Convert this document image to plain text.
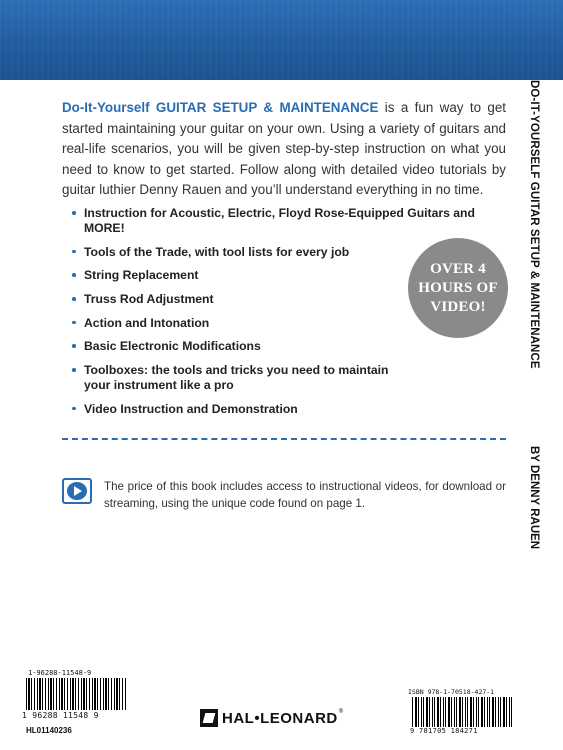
DO-IT-YOURSELF GUITAR SETUP & MAINTENANCE
BY DENNY RAUEN
Do-It-Yourself GUITAR SETUP & MAINTENANCE is a fun way to get started maintaining your guitar on your own. Using a variety of guitars and real-life scenarios, you will be given step-by-step instruction on what you need to know to get started. Follow along with detailed video tutorials by guitar luthier Denny Rauen and you’ll understand everything in no time.
Instruction for Acoustic, Electric, Floyd Rose-Equipped Guitars and MORE!
Tools of the Trade, with tool lists for every job
String Replacement
Truss Rod Adjustment
Action and Intonation
Basic Electronic Modifications
Toolboxes: the tools and tricks you need to maintain your instrument like a pro
Video Instruction and Demonstration
OVER 4 HOURS OF VIDEO!
The price of this book includes access to instructional videos, for download or streaming, using the unique code found on page 1.
1-96288-11548-9
1 96288 11548 9
HL01140236
HAL•LEONARD ®
ISBN 978-1-70518-427-1
9 781705 184271
